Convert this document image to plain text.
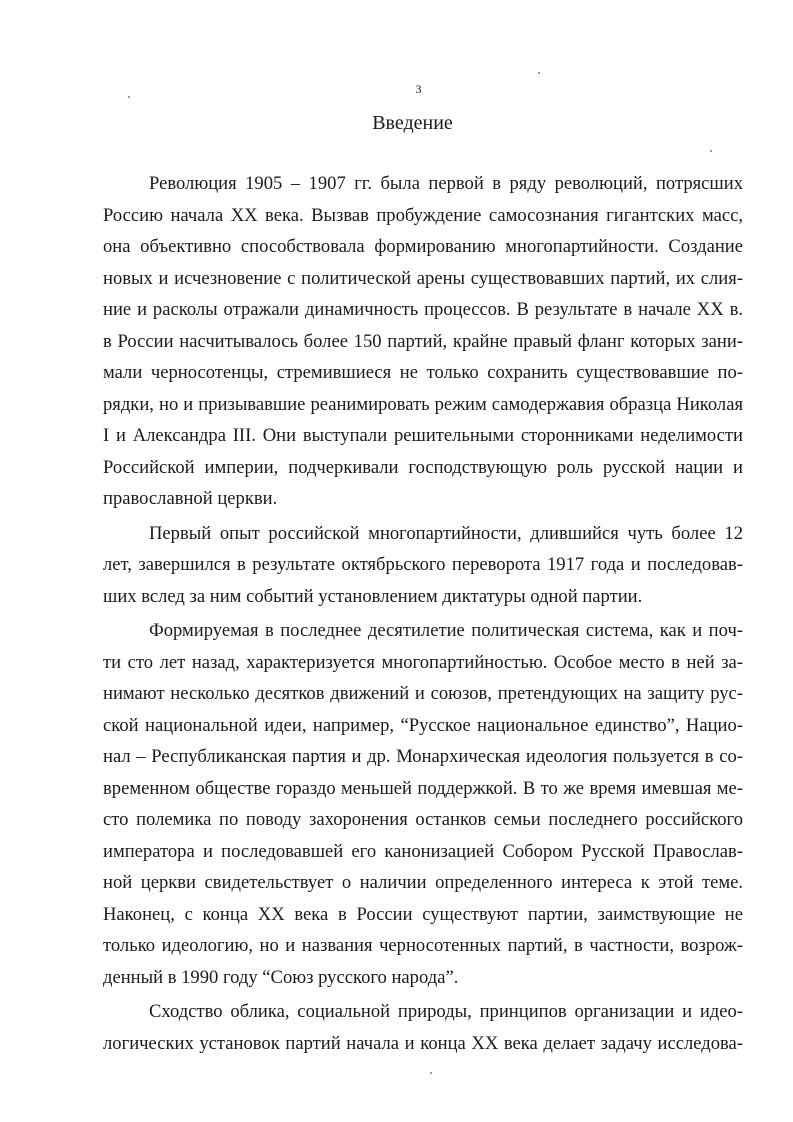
3
Введение
Революция 1905 – 1907 гг. была первой в ряду революций, потрясших
Россию начала XX века. Вызвав пробуждение самосознания гигантских масс,
она объективно способствовала формированию многопартийности. Создание
новых и исчезновение с политической арены существовавших партий, их слия-
ние и расколы отражали динамичность процессов. В результате в начале XX в.
в России насчитывалось более 150 партий, крайне правый фланг которых зани-
мали черносотенцы, стремившиеся не только сохранить существовавшие по-
рядки, но и призывавшие реанимировать режим самодержавия образца Николая
I и Александра III. Они выступали решительными сторонниками неделимости
Российской империи, подчеркивали господствующую роль русской нации и
православной церкви.
Первый опыт российской многопартийности, длившийся чуть более 12
лет, завершился в результате октябрьского переворота 1917 года и последовав-
ших вслед за ним событий установлением диктатуры одной партии.
Формируемая в последнее десятилетие политическая система, как и поч-
ти сто лет назад, характеризуется многопартийностью. Особое место в ней за-
нимают несколько десятков движений и союзов, претендующих на защиту рус-
ской национальной идеи, например, “Русское национальное единство”, Нацио-
нал – Республиканская партия и др. Монархическая идеология пользуется в со-
временном обществе гораздо меньшей поддержкой. В то же время имевшая ме-
сто полемика по поводу захоронения останков семьи последнего российского
императора и последовавшей его канонизацией Собором Русской Православ-
ной церкви свидетельствует о наличии определенного интереса к этой теме.
Наконец, с конца XX века в России существуют партии, заимствующие не
только идеологию, но и названия черносотенных партий, в частности, возрож-
денный в 1990 году “Союз русского народа”.
Сходство облика, социальной природы, принципов организации и идео-
логических установок партий начала и конца XX века делает задачу исследова-
